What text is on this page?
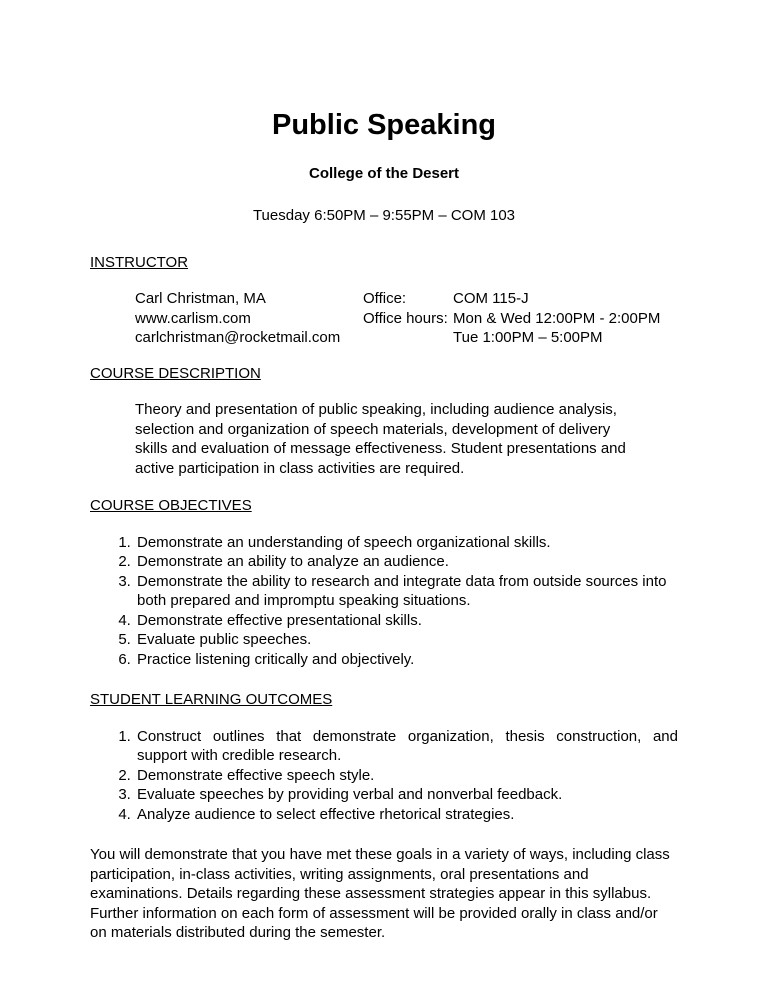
Public Speaking
College of the Desert
Tuesday 6:50PM – 9:55PM – COM 103
INSTRUCTOR
Carl Christman, MA
www.carlism.com
carlchristman@rocketmail.com
Office:	COM 115-J
Office hours: Mon & Wed 12:00PM - 2:00PM
Tue 1:00PM – 5:00PM
COURSE DESCRIPTION

Theory and presentation of public speaking, including audience analysis, selection and organization of speech materials, development of delivery skills and evaluation of message effectiveness. Student presentations and active participation in class activities are required.

COURSE OBJECTIVES
1. Demonstrate an understanding of speech organizational skills.
2. Demonstrate an ability to analyze an audience.
3. Demonstrate the ability to research and integrate data from outside sources into both prepared and impromptu speaking situations.
4. Demonstrate effective presentational skills.
5. Evaluate public speeches.
6. Practice listening critically and objectively.
STUDENT LEARNING OUTCOMES
1. Construct outlines that demonstrate organization, thesis construction, and support with credible research.
2. Demonstrate effective speech style.
3. Evaluate speeches by providing verbal and nonverbal feedback.
4. Analyze audience to select effective rhetorical strategies.

You will demonstrate that you have met these goals in a variety of ways, including class participation, in-class activities, writing assignments, oral presentations and examinations. Details regarding these assessment strategies appear in this syllabus. Further information on each form of assessment will be provided orally in class and/or on materials distributed during the semester.
